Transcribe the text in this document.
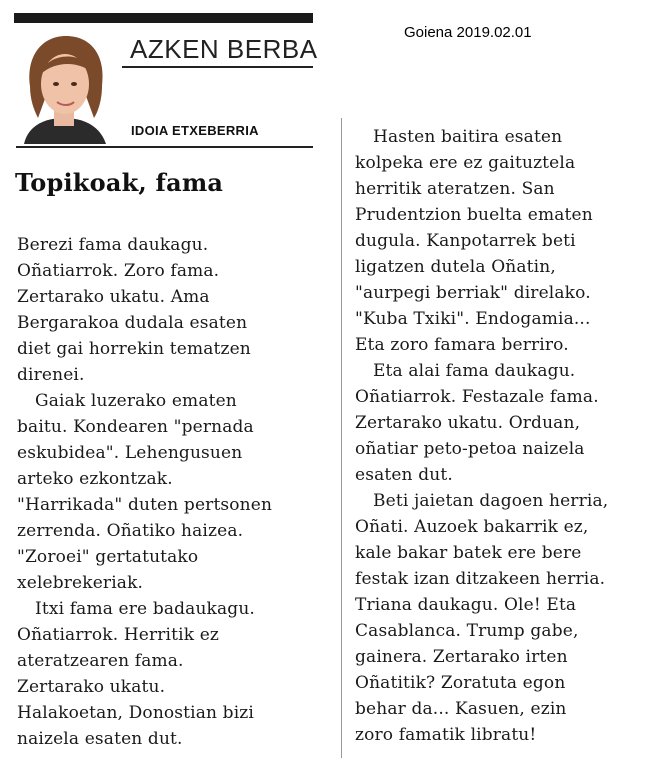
Goiena 2019.02.01
AZKEN BERBA
IDOIA ETXEBERRIA
Topikoak, fama
Berezi fama daukagu.
Oñatiarrok. Zoro fama.
Zertarako ukatu. Ama
Bergarakoa dudala esaten
diet gai horrekin tematzen
direnei.
Gaiak luzerako ematen
baitu. Kondearen "pernada
eskubidea". Lehengusuen
arteko ezkontzak.
"Harrikada" duten pertsonen
zerrenda. Oñatiko haizea.
"Zoroei" gertatutako
xelebrekeriak.
Itxi fama ere badaukagu.
Oñatiarrok. Herritik ez
ateratzearen fama.
Zertarako ukatu.
Halakoetan, Donostian bizi
naizela esaten dut.
Hasten baitira esaten
kolpeka ere ez gaituztela
herritik ateratzen. San
Prudentzion buelta ematen
dugula. Kanpotarrek beti
ligatzen dutela Oñatin,
"aurpegi berriak" direlako.
"Kuba Txiki". Endogamia...
Eta zoro famara berriro.
Eta alai fama daukagu.
Oñatiarrok. Festazale fama.
Zertarako ukatu. Orduan,
oñatiar peto-petoa naizela
esaten dut.
Beti jaietan dagoen herria,
Oñati. Auzoek bakarrik ez,
kale bakar batek ere bere
festak izan ditzakeen herria.
Triana daukagu. Ole! Eta
Casablanca. Trump gabe,
gainera. Zertarako irten
Oñatitik? Zoratuta egon
behar da... Kasuen, ezin
zoro famatik libratu!
